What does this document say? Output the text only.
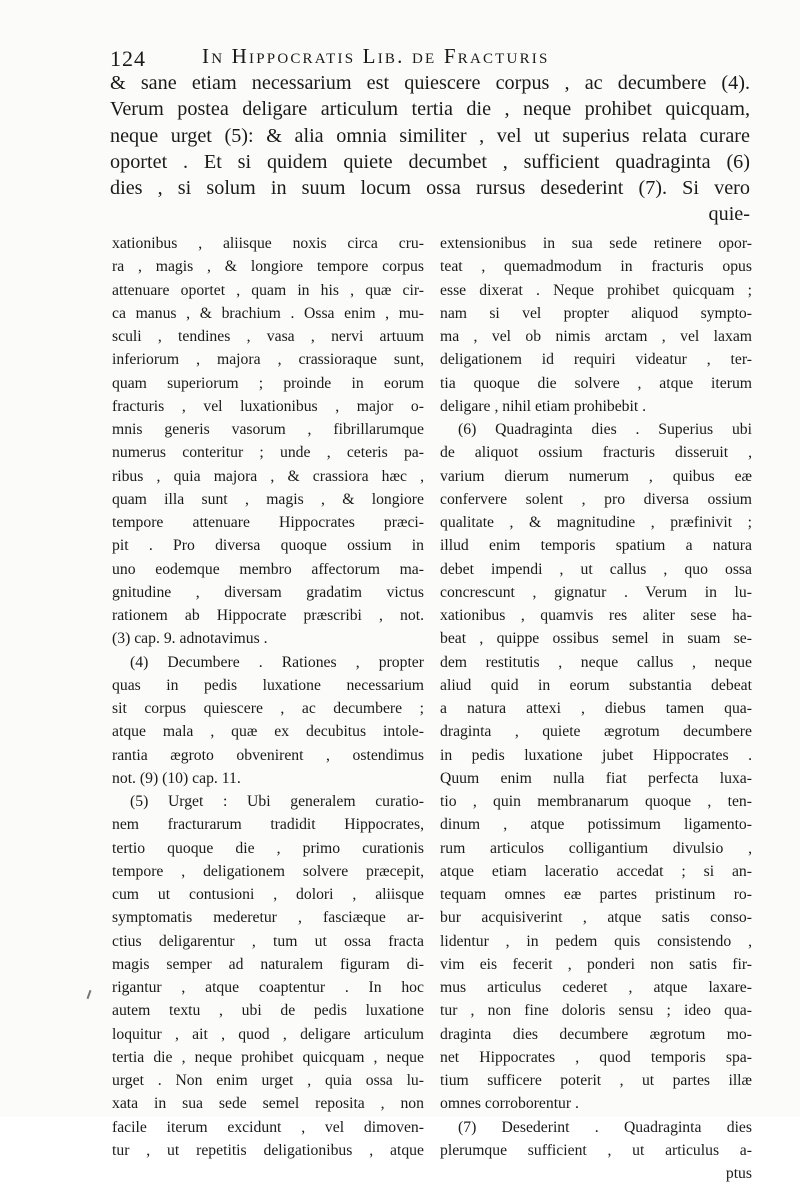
124	In Hippocratis Lib. de Fracturis
& sane etiam necessarium est quiescere corpus , ac decumbere (4).
Verum postea deligare articulum tertia die , neque prohibet quicquam,
neque urget (5): & alia omnia similiter , vel ut superius relata curare
oportet . Et si quidem quiete decumbet , sufficient quadraginta (6)
dies , si solum in suum locum ossa rursus desederint (7). Si vero
quie-
xationibus , aliisque noxis circa cru-
ra , magis , & longiore tempore corpus
attenuare oportet , quam in his , quæ cir-
ca manus , & brachium . Ossa enim , mu-
sculi , tendines , vasa , nervi artuum
inferiorum , majora , crassioraque sunt,
quam superiorum ; proinde in eorum
fracturis , vel luxationibus , major o-
mnis generis vasorum , fibrillarumque
numerus conteritur ; unde , ceteris pa-
ribus , quia majora , & crassiora hæc ,
quam illa sunt , magis , & longiore
tempore attenuare Hippocrates præci-
pit . Pro diversa quoque ossium in
uno eodemque membro affectorum ma-
gnitudine , diversam gradatim victus
rationem ab Hippocrate præscribi , not.
(3) cap. 9. adnotavimus .
(4) Decumbere . Rationes , propter
quas in pedis luxatione necessarium
sit corpus quiescere , ac decumbere ;
atque mala , quæ ex decubitus intole-
rantia ægroto obvenirent , ostendimus
not. (9) (10) cap. 11.
(5) Urget : Ubi generalem curatio-
nem fracturarum tradidit Hippocrates,
tertio quoque die , primo curationis
tempore , deligationem solvere præcepit,
cum ut contusioni , dolori , aliisque
symptomatis mederetur , fasciæque ar-
ctius deligarentur , tum ut ossa fracta
magis semper ad naturalem figuram di-
rigantur , atque coaptentur . In hoc
autem textu , ubi de pedis luxatione
loquitur , ait , quod , deligare articulum
tertia die , neque prohibet quicquam , neque
urget . Non enim urget , quia ossa lu-
xata in sua sede semel reposita , non
facile iterum excidunt , vel dimoven-
tur , ut repetitis deligationibus , atque
extensionibus in sua sede retinere opor-
teat , quemadmodum in fracturis opus
esse dixerat . Neque prohibet quicquam ;
nam si vel propter aliquod sympto-
ma , vel ob nimis arctam , vel laxam
deligationem id requiri videatur , ter-
tia quoque die solvere , atque iterum
deligare , nihil etiam prohibebit .
(6) Quadraginta dies . Superius ubi
de aliquot ossium fracturis disseruit ,
varium dierum numerum , quibus eæ
confervere solent , pro diversa ossium
qualitate , & magnitudine , præfinivit ;
illud enim temporis spatium a natura
debet impendi , ut callus , quo ossa
concrescunt , gignatur . Verum in lu-
xationibus , quamvis res aliter sese ha-
beat , quippe ossibus semel in suam se-
dem restitutis , neque callus , neque
aliud quid in eorum substantia debeat
a natura attexi , diebus tamen qua-
draginta , quiete ægrotum decumbere
in pedis luxatione jubet Hippocrates .
Quum enim nulla fiat perfecta luxa-
tio , quin membranarum quoque , ten-
dinum , atque potissimum ligamento-
rum articulos colligantium divulsio ,
atque etiam laceratio accedat ; si an-
tequam omnes eæ partes pristinum ro-
bur acquisiverint , atque satis conso-
lidentur , in pedem quis consistendo ,
vim eis fecerit , ponderi non satis fir-
mus articulus cederet , atque laxare-
tur , non fine doloris sensu ; ideo qua-
draginta dies decumbere ægrotum mo-
net Hippocrates , quod temporis spa-
tium sufficere poterit , ut partes illæ
omnes corroborentur .
(7) Desederint . Quadraginta dies
plerumque sufficient , ut articulus a-
ptus
